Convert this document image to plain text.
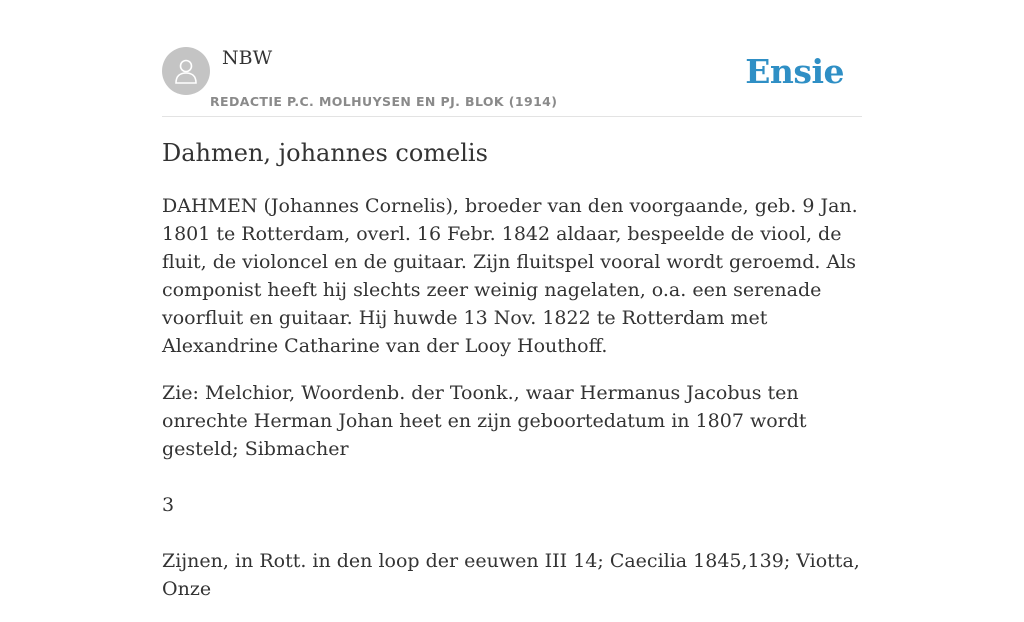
NBW
REDACTIE P.C. MOLHUYSEN EN PJ. BLOK (1914)
Ensie
Dahmen, johannes comelis

DAHMEN (Johannes Cornelis), broeder van den voorgaande, geb. 9 Jan. 1801 te Rotterdam, overl. 16 Febr. 1842 aldaar, bespeelde de viool, de fluit, de violoncel en de guitaar. Zijn fluitspel vooral wordt geroemd. Als componist heeft hij slechts zeer weinig nagelaten, o.a. een serenade voorfluit en guitaar. Hij huwde 13 Nov. 1822 te Rotterdam met Alexandrine Catharine van der Looy Houthoff.

Zie: Melchior, Woordenb. der Toonk., waar Hermanus Jacobus ten onrechte Herman Johan heet en zijn geboortedatum in 1807 wordt gesteld; Sibmacher

3

Zijnen, in Rott. in den loop der eeuwen III 14; Caecilia 1845,139; Viotta, Onze
